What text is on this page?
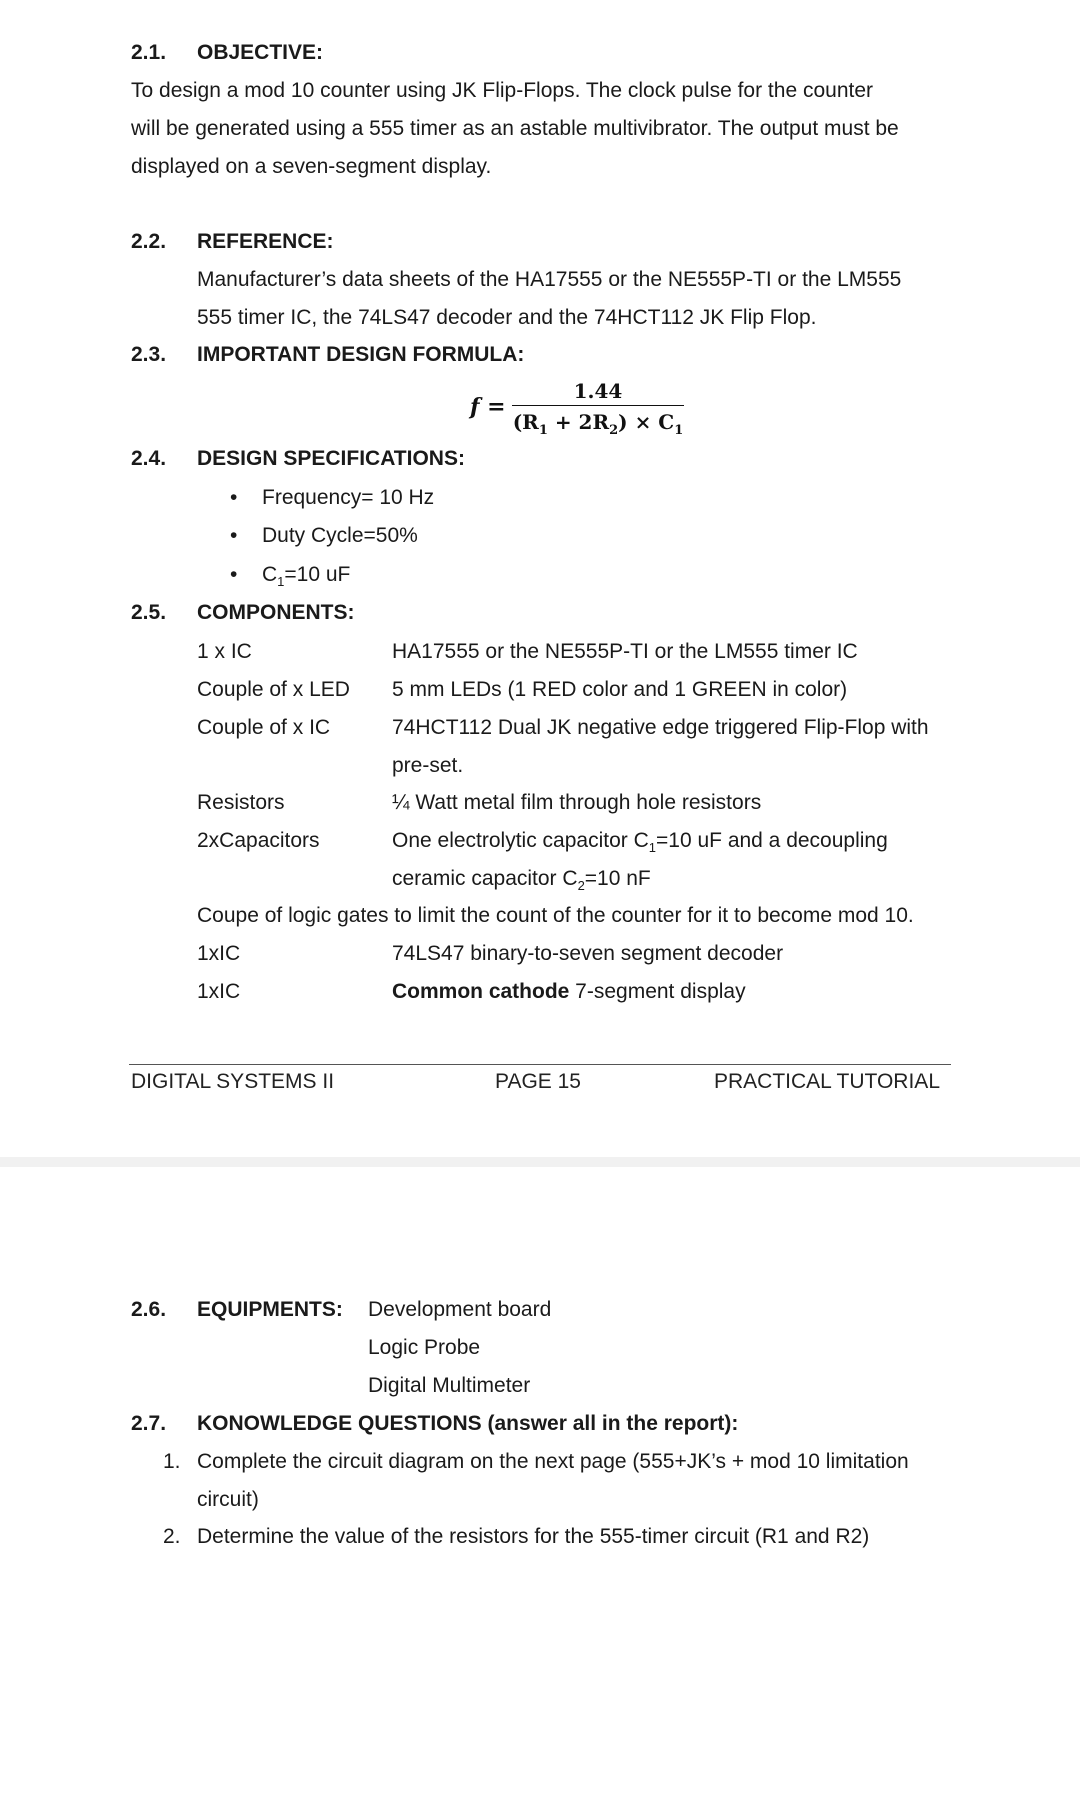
2.1. OBJECTIVE:
To design a mod 10 counter using JK Flip-Flops. The clock pulse for the counter
will be generated using a 555 timer as an astable multivibrator. The output must be
displayed on a seven-segment display.
2.2. REFERENCE:
Manufacturer’s data sheets of the HA17555 or the NE555P-TI or the LM555
555 timer IC, the 74LS47 decoder and the 74HCT112 JK Flip Flop.
2.3. IMPORTANT DESIGN FORMULA:
f =
1.44
$(R_1 + 2R_2) \times C_1$
2.4. DESIGN SPECIFICATIONS:
• Frequency= 10 Hz
• Duty Cycle=50%
• $C_1=10$ uF
2.5. COMPONENTS:
1 x IC	HA17555 or the NE555P-TI or the LM555 timer IC
Couple of x LED 5 mm LEDs (1 RED color and 1 GREEN in color)
Couple of x IC	74HCT112 Dual JK negative edge triggered Flip-Flop with
pre-set.
Resistors	¼ Watt metal film through hole resistors
2xCapacitors	One electrolytic capacitor $C_1=10$ uF and a decoupling
ceramic capacitor $C_2=10$ nF
Coupe of logic gates to limit the count of the counter for it to become mod 10.
1xIC	74LS47 binary-to-seven segment decoder
1xIC	Common cathode 7-segment display
DIGITAL SYSTEMS II	PAGE 15	PRACTICAL TUTORIAL
2.6. EQUIPMENTS: Development board
Logic Probe
Digital Multimeter
2.7. KONOWLEDGE QUESTIONS (answer all in the report):
1. Complete the circuit diagram on the next page (555+JK’s + mod 10 limitation
circuit)
2. Determine the value of the resistors for the 555-timer circuit (R1 and R2)
